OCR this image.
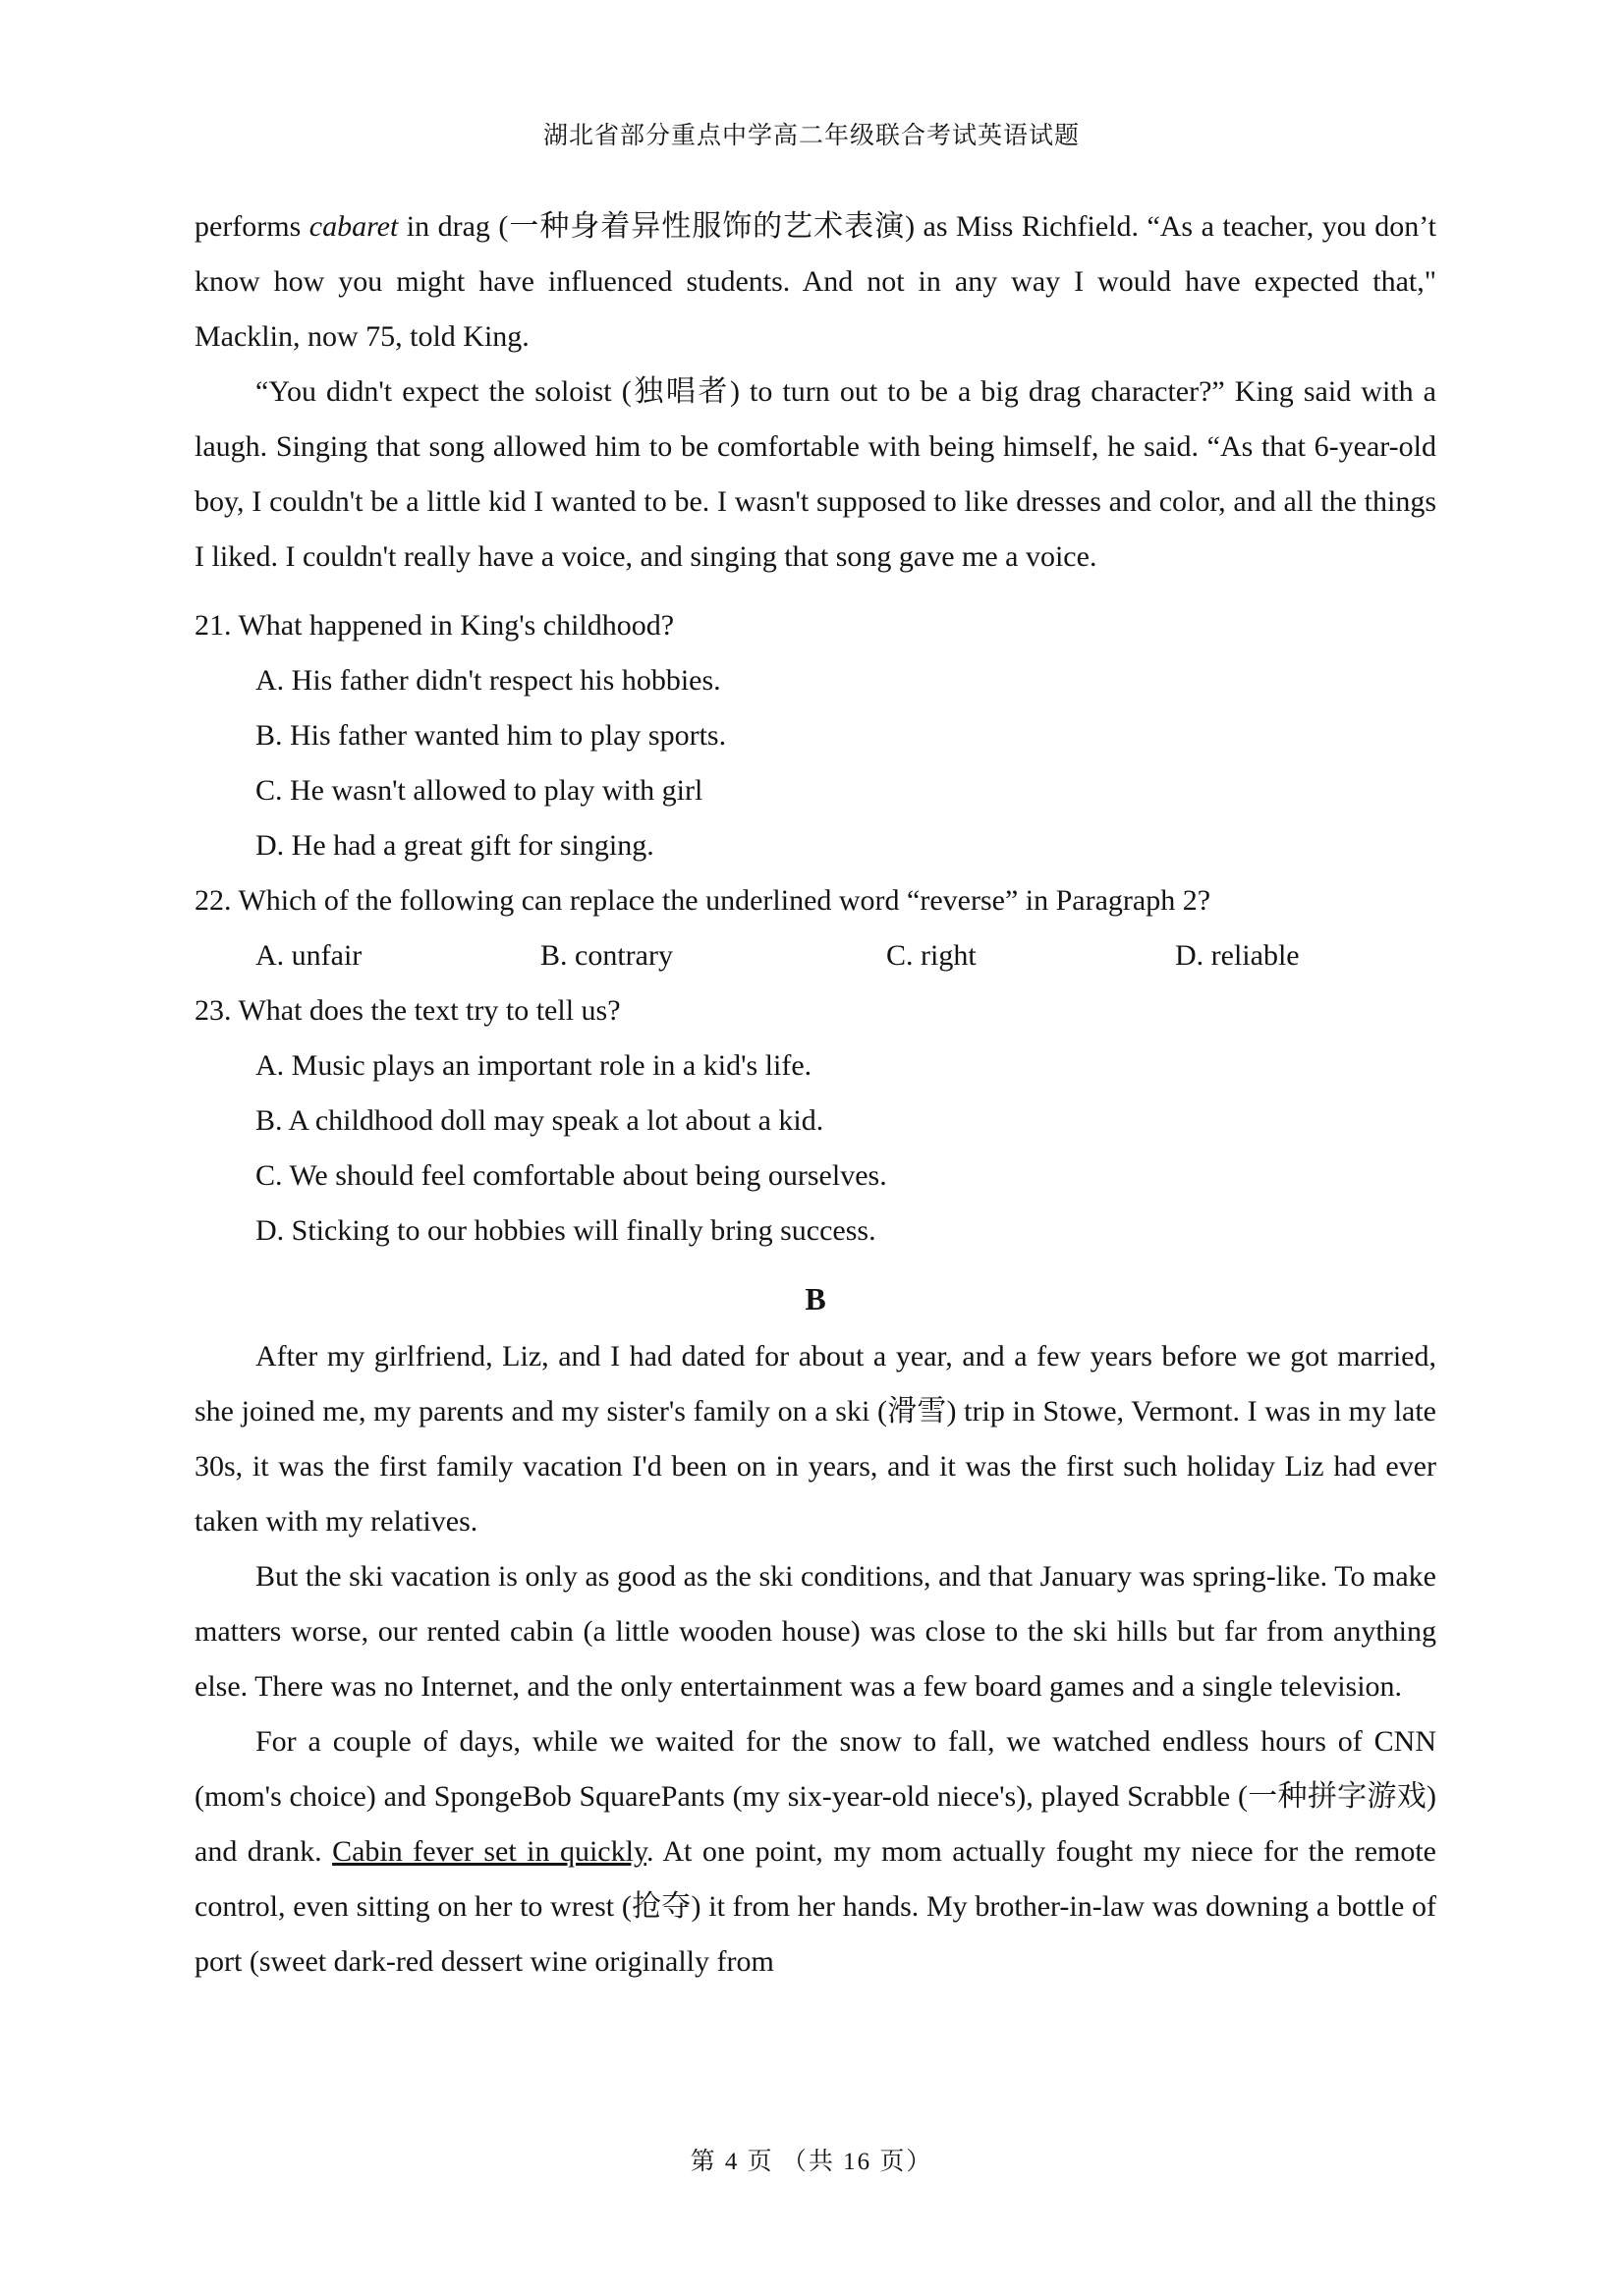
湖北省部分重点中学高二年级联合考试英语试题

performs cabaret in drag (一种身着异性服饰的艺术表演) as Miss Richfield. “As a teacher, you don’t know how you might have influenced students. And not in any way I would have expected that," Macklin, now 75, told King.

“You didn't expect the soloist (独唱者) to turn out to be a big drag character?” King said with a laugh. Singing that song allowed him to be comfortable with being himself, he said. “As that 6-year-old boy, I couldn't be a little kid I wanted to be. I wasn't supposed to like dresses and color, and all the things I liked. I couldn't really have a voice, and singing that song gave me a voice.

21. What happened in King's childhood?
A. His father didn't respect his hobbies.
B. His father wanted him to play sports.
C. He wasn't allowed to play with girl
D. He had a great gift for singing.
22. Which of the following can replace the underlined word “reverse” in Paragraph 2?
A. unfair	B. contrary	C. right	D. reliable
23. What does the text try to tell us?
A. Music plays an important role in a kid's life.
B. A childhood doll may speak a lot about a kid.
C. We should feel comfortable about being ourselves.
D. Sticking to our hobbies will finally bring success.
B

After my girlfriend, Liz, and I had dated for about a year, and a few years before we got married, she joined me, my parents and my sister's family on a ski (滑雪) trip in Stowe, Vermont. I was in my late 30s, it was the first family vacation I'd been on in years, and it was the first such holiday Liz had ever taken with my relatives.

But the ski vacation is only as good as the ski conditions, and that January was spring-like. To make matters worse, our rented cabin (a little wooden house) was close to the ski hills but far from anything else. There was no Internet, and the only entertainment was a few board games and a single television.

For a couple of days, while we waited for the snow to fall, we watched endless hours of CNN (mom's choice) and SpongeBob SquarePants (my six-year-old niece's), played Scrabble (一种拼字游戏) and drank. Cabin fever set in quickly. At one point, my mom actually fought my niece for the remote control, even sitting on her to wrest (抢夺) it from her hands. My brother-in-law was downing a bottle of port (sweet dark-red dessert wine originally from

第 4 页 （共 16 页）
